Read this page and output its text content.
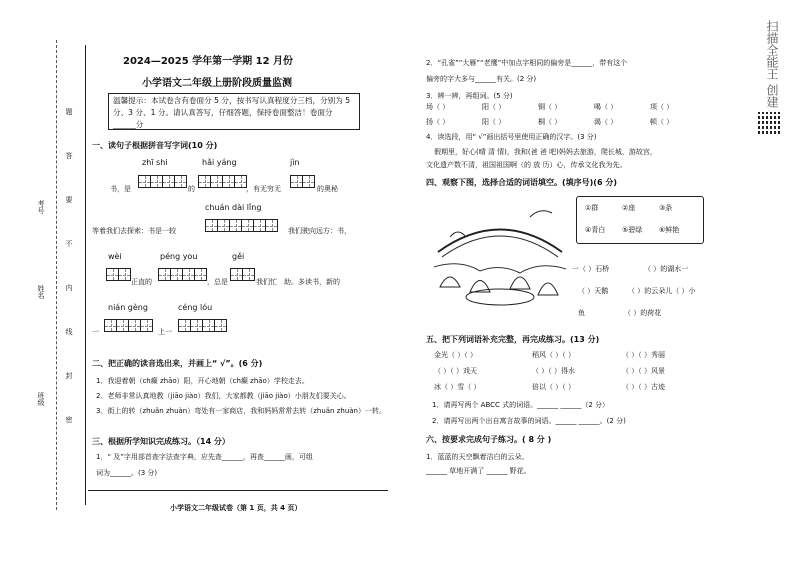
题
答
要
不
内
线
封
密
考号
姓名
班级
2024—2025 学年第一学期 12 月份
小学语文二年级上册阶段质量监测
温馨提示：本试卷含有卷面分 5 分，按书写认真程度分三档，分别为 5 分、3 分、1 分。请认真答写，仔细答题，保持卷面整洁！卷面分______分
一、读句子根据拼音写字词(10 分)
zhī shi	hǎi yáng	jìn
书，是	的	，有无穷无	的奥秘
chuán dài lǐng
等着我们去探索：书是一较	我们驶向远方：书，
wèi	péng you	gěi
正直的	，总是	我们忙 助。多读书，新的
nián gèng	céng lóu
一	上一
二、把正确的读音选出来，并画上“ √”。(6 分)
1．我迎着朝（ch癫 zhāo）阳，开心地朝（ch癫 zhāo）学校走去。
2．老师非常认真地教（jiāo jiào）我们，大家都教（jiāo jiào）小朋友们要关心。
3．街上的转（zhuǎn zhuàn）弯处有一家商店，我和妈妈常常去转（zhuǎn zhuàn）一转。
三、根据所学知识完成练习。（14 分）
1．“ 及”字用部首查字法查字典，应先查______，再查______画，可组
词为______。(3 分)
小学语文二年级试卷（第 1 页，共 4 页）
2．“孔雀”“大雁”“老鹰”中加点字相同的偏旁是______，带有这个
偏旁的字大多与______有关。(2 分)
3．辨一辨，再组词。(5 分)
场（ ）	阳（ ）	铜（ ）	喝（ ）	项（ ）
扬（ ）	阳（ ）	桐（ ）	渴（ ）	顿（ ）
4．读选段，用“ √”画出括号里使用正确的汉字。(3 分)
假期里，好心(晴 清 情)，我和(爸 爸 吧)妈妈去旅游，爬长城，游故宫，
文化遗产数不清，祖国祖国啊（的 放 历）心，传承文化我为先。
四、观察下图，选择合适的词语填空。(填序号)(6 分)
①群	②座	③条
④青白 ⑤碧绿 ⑥鲜艳
一（ ）石桥	（ ）的湖水一
（ ）天鹅	（ ）的云朵儿（ ）小
鱼	（ ）的荷花
五、把下列词语补充完整，再完成练习。(13 分)
金光（ ）（ ）	稻风（ ）（ ）	（ ）（ ）秀丽
（ ）（ ）戏天	（ ）（ ）得水	（ ）（ ）风景
冰（ ）雪（ ）	倍以（ ）（ ）	（ ）（ ）古迹
1．请再写两个 ABCC 式的词语。______ ______（2 分）
2．请再写出两个出自寓言故事的词语。______ ______。(2 分)
六、按要求完成句子练习。( 8 分 )
1．蓝蓝的天空飘着洁白的云朵。
______ 草地开满了 ______ 野花。
扫描全能王 创建
